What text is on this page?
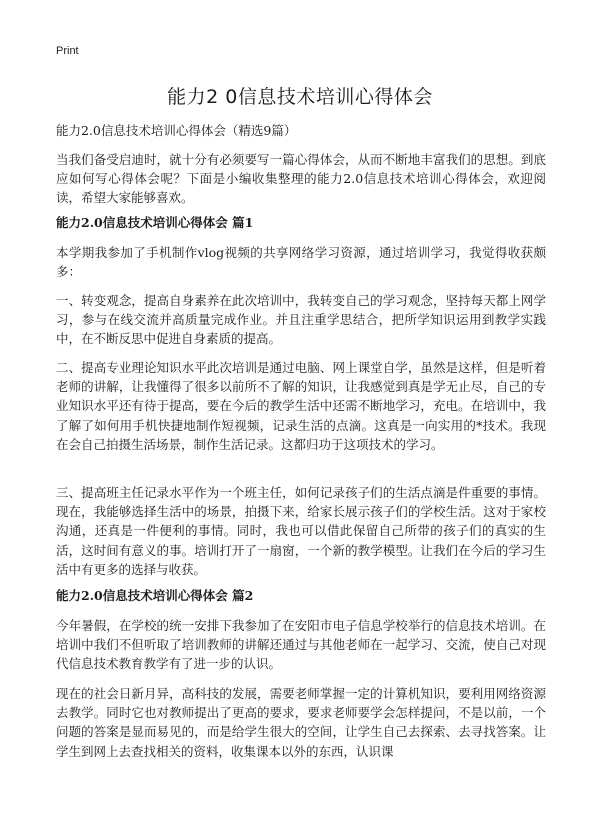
Print
能力2 0信息技术培训心得体会

能力2.0信息技术培训心得体会（精选9篇）

当我们备受启迪时，就十分有必须要写一篇心得体会，从而不断地丰富我们的思想。到底应如何写心得体会呢？下面是小编收集整理的能力2.0信息技术培训心得体会，欢迎阅读，希望大家能够喜欢。

能力2.0信息技术培训心得体会 篇1

本学期我参加了手机制作vlog视频的共享网络学习资源，通过培训学习，我觉得收获颇多：

一、转变观念，提高自身素养在此次培训中，我转变自己的学习观念，坚持每天都上网学习，参与在线交流并高质量完成作业。并且注重学思结合，把所学知识运用到教学实践中，在不断反思中促进自身素质的提高。

二、提高专业理论知识水平此次培训是通过电脑、网上课堂自学，虽然是这样，但是听着老师的讲解，让我懂得了很多以前所不了解的知识，让我感觉到真是学无止尽，自己的专业知识水平还有待于提高，要在今后的教学生活中还需不断地学习，充电。在培训中，我了解了如何用手机快捷地制作短视频，记录生活的点滴。这真是一向实用的*技术。我现在会自己拍摄生活场景，制作生活记录。这都归功于这项技术的学习。

三、提高班主任记录水平作为一个班主任，如何记录孩子们的生活点滴是件重要的事情。现在，我能够选择生活中的场景，拍摄下来，给家长展示孩子们的学校生活。这对于家校沟通，还真是一件便利的事情。同时，我也可以借此保留自己所带的孩子们的真实的生活，这时间有意义的事。培训打开了一扇窗，一个新的教学模型。让我们在今后的学习生活中有更多的选择与收获。

能力2.0信息技术培训心得体会 篇2

今年暑假，在学校的统一安排下我参加了在安阳市电子信息学校举行的信息技术培训。在培训中我们不但听取了培训教师的讲解还通过与其他老师在一起学习、交流，使自己对现代信息技术教育教学有了进一步的认识。

现在的社会日新月异，高科技的发展，需要老师掌握一定的计算机知识，要利用网络资源去教学。同时它也对教师提出了更高的要求，要求老师要学会怎样提问，不是以前，一个问题的答案是显而易见的，而是给学生很大的空间，让学生自己去探索、去寻找答案。让学生到网上去查找相关的资料，收集课本以外的东西，认识课
